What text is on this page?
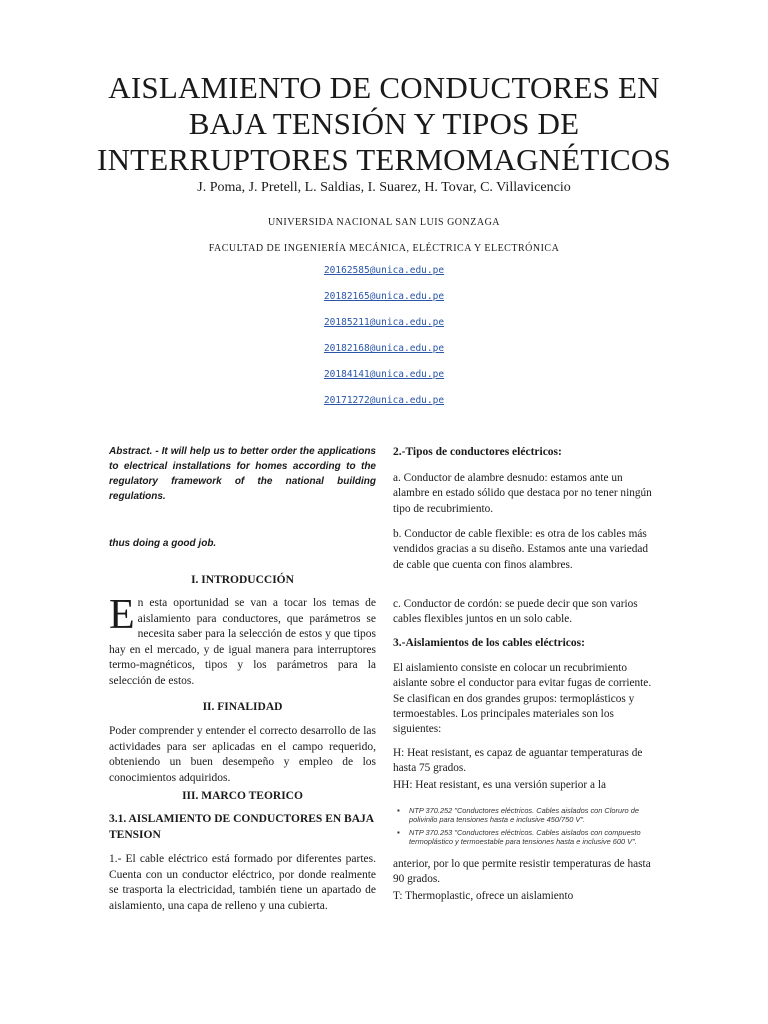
AISLAMIENTO DE CONDUCTORES EN
BAJA TENSIÓN Y TIPOS DE
INTERRUPTORES TERMOMAGNÉTICOS
J. Poma, J. Pretell, L. Saldias, I. Suarez, H. Tovar, C. Villavicencio
UNIVERSIDA NACIONAL SAN LUIS GONZAGA
FACULTAD DE INGENIERÍA MECÁNICA, ELÉCTRICA Y ELECTRÓNICA
20162585@unica.edu.pe
20182165@unica.edu.pe
20185211@unica.edu.pe
20182168@unica.edu.pe
20184141@unica.edu.pe
20171272@unica.edu.pe

Abstract. - It will help us to better order the applications to electrical installations for homes according to the regulatory framework of the national building regulations.

thus doing a good job.

I. INTRODUCCIÓN

En esta oportunidad se van a tocar los temas de aislamiento para conductores, que parámetros se necesita saber para la selección de estos y que tipos hay en el mercado, y de igual manera para interruptores termo-magnéticos, tipos y los parámetros para la selección de estos.

II. FINALIDAD

Poder comprender y entender el correcto desarrollo de las actividades para ser aplicadas en el campo requerido, obteniendo un buen desempeño y empleo de los conocimientos adquiridos.

III. MARCO TEORICO

3.1. AISLAMIENTO DE CONDUCTORES EN BAJA TENSION

1.- El cable eléctrico está formado por diferentes partes. Cuenta con un conductor eléctrico, por donde realmente se trasporta la electricidad, también tiene un apartado de aislamiento, una capa de relleno y una cubierta.

2.-Tipos de conductores eléctricos:

a. Conductor de alambre desnudo: estamos ante un alambre en estado sólido que destaca por no tener ningún tipo de recubrimiento.

b. Conductor de cable flexible: es otra de los cables más vendidos gracias a su diseño. Estamos ante una variedad de cable que cuenta con finos alambres.

c. Conductor de cordón: se puede decir que son varios cables flexibles juntos en un solo cable.

3.-Aislamientos de los cables eléctricos:

El aislamiento consiste en colocar un recubrimiento aislante sobre el conductor para evitar fugas de corriente. Se clasifican en dos grandes grupos: termoplásticos y termoestables. Los principales materiales son los siguientes:

H: Heat resistant, es capaz de aguantar temperaturas de hasta 75 grados.

HH: Heat resistant, es una versión superior a la

▪ NTP 370.252 "Conductores eléctricos. Cables aislados con Cloruro de polivinilo para tensiones hasta e inclusive 450/750 V".
▪ NTP 370.253 "Conductores eléctricos. Cables aislados con compuesto termoplástico y termoestable para tensiones hasta e inclusive 600 V".

anterior, por lo que permite resistir temperaturas de hasta 90 grados.

T: Thermoplastic, ofrece un aislamiento
